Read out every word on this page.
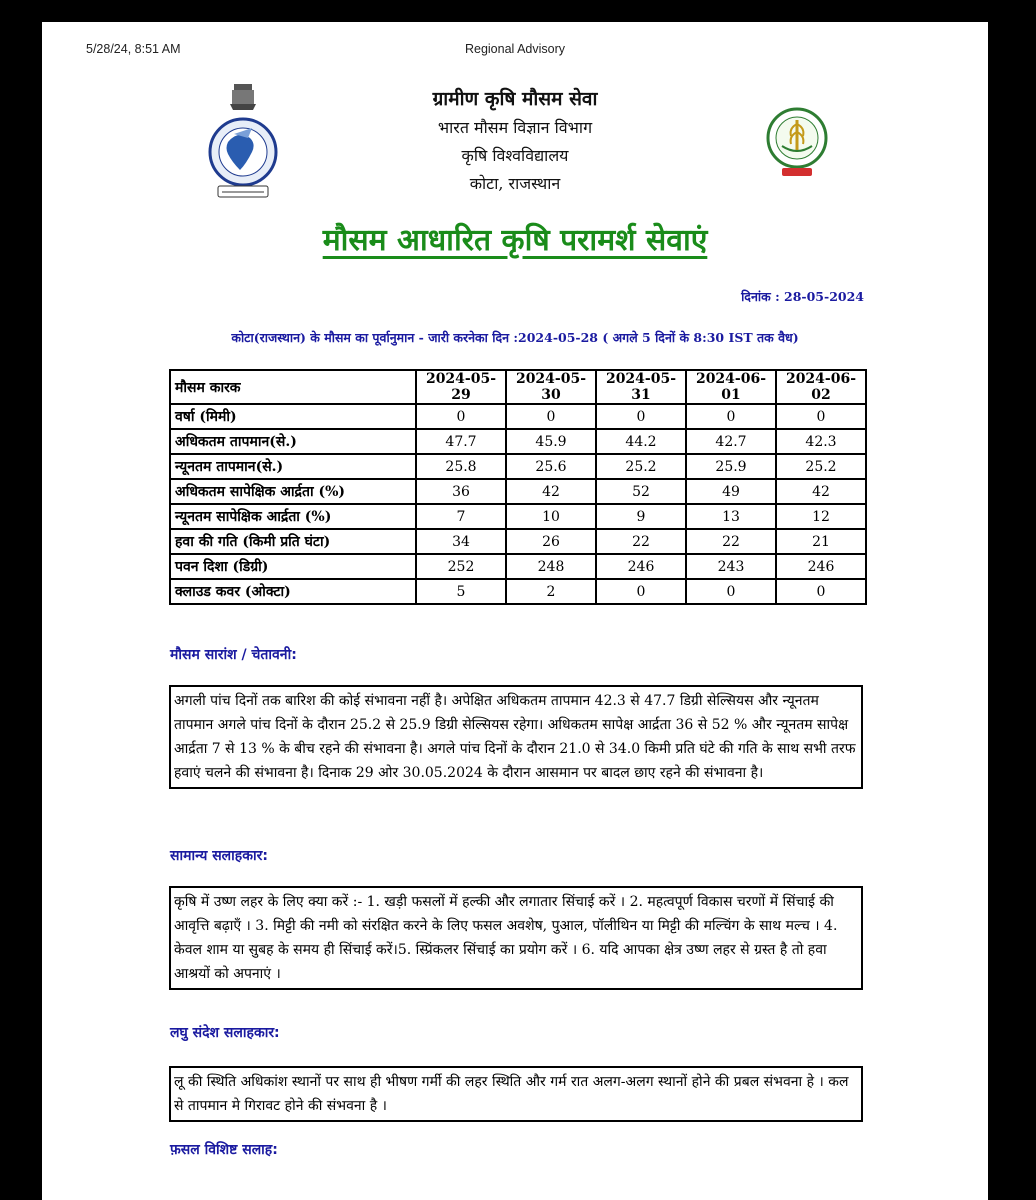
5/28/24, 8:51 AM	Regional Advisory
ग्रामीण कृषि मौसम सेवा
भारत मौसम विज्ञान विभाग
कृषि विश्वविद्यालय
कोटा, राजस्थान
मौसम आधारित कृषि परामर्श सेवाएं
दिनांक : 28-05-2024
कोटा(राजस्थान) के मौसम का पूर्वानुमान - जारी करनेका दिन :2024-05-28 ( अगले 5 दिनों के 8:30 IST तक वैध)
मौसम कारक	2024-05-29	2024-05-30	2024-05-31	2024-06-01	2024-06-02
वर्षा (मिमी)	0	0	0	0	0
अधिकतम तापमान(से.)	47.7	45.9	44.2	42.7	42.3
न्यूनतम तापमान(से.)	25.8	25.6	25.2	25.9	25.2
अधिकतम सापेक्षिक आर्द्रता (%)	36	42	52	49	42
न्यूनतम सापेक्षिक आर्द्रता (%)	7	10	9	13	12
हवा की गति (किमी प्रति घंटा)	34	26	22	22	21
पवन दिशा (डिग्री)	252	248	246	243	246
क्लाउड कवर (ओक्टा)	5	2	0	0	0
मौसम सारांश / चेतावनी:
अगली पांच दिनों तक बारिश की कोई संभावना नहीं है। अपेक्षित अधिकतम तापमान 42.3 से 47.7 डिग्री सेल्सियस और न्यूनतम तापमान अगले पांच दिनों के दौरान 25.2 से 25.9 डिग्री सेल्सियस रहेगा। अधिकतम सापेक्ष आर्द्रता 36 से 52 % और न्यूनतम सापेक्ष आर्द्रता 7 से 13 % के बीच रहने की संभावना है। अगले पांच दिनों के दौरान 21.0 से 34.0 किमी प्रति घंटे की गति के साथ सभी तरफ हवाएं चलने की संभावना है। दिनाक 29 ओर 30.05.2024 के दौरान आसमान पर बादल छाए रहने की संभावना है।
सामान्य सलाहकार:
कृषि में उष्ण लहर के लिए क्या करें :- 1. खड़ी फसलों में हल्की और लगातार सिंचाई करें । 2. महत्वपूर्ण विकास चरणों में सिंचाई की आवृत्ति बढ़ाएँ । 3. मिट्टी की नमी को संरक्षित करने के लिए फसल अवशेष, पुआल, पॉलीथिन या मिट्टी की मल्चिंग के साथ मल्च । 4. केवल शाम या सुबह के समय ही सिंचाई करें।5. स्प्रिंकलर सिंचाई का प्रयोग करें । 6. यदि आपका क्षेत्र उष्ण लहर से ग्रस्त है तो हवा आश्रयों को अपनाएं ।
लघु संदेश सलाहकार:
लू की स्थिति अधिकांश स्थानों पर साथ ही भीषण गर्मी की लहर स्थिति और गर्म रात अलग-अलग स्थानों होने की प्रबल संभवना हे । कल से तापमान मे गिरावट होने की संभवना है ।
फ़सल विशिष्ट सलाह:
